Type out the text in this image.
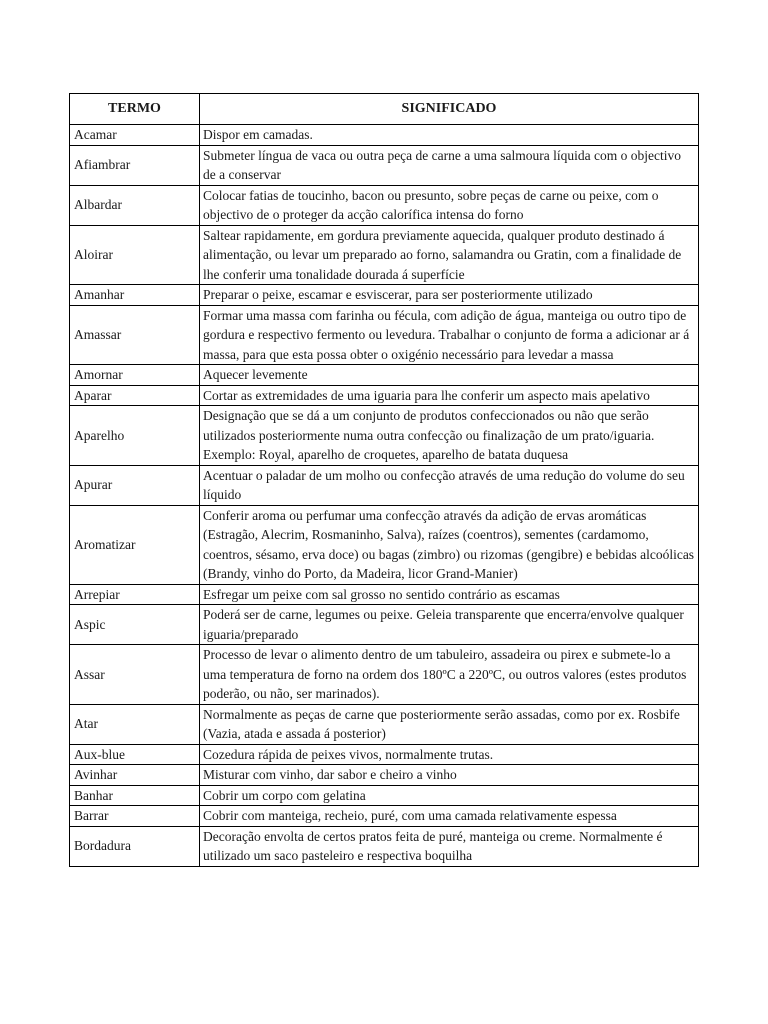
TERMO	SIGNIFICADO
Acamar	Dispor em camadas.
Afiambrar	Submeter língua de vaca ou outra peça de carne a uma salmoura líquida com o objectivo de a conservar
Albardar	Colocar fatias de toucinho, bacon ou presunto, sobre peças de carne ou peixe, com o objectivo de o proteger da acção calorífica intensa do forno
Aloirar	Saltear rapidamente, em gordura previamente aquecida, qualquer produto destinado á alimentação, ou levar um preparado ao forno, salamandra ou Gratin, com a finalidade de lhe conferir uma tonalidade dourada á superfície
Amanhar	Preparar o peixe, escamar e esviscerar, para ser posteriormente utilizado
Amassar	Formar uma massa com farinha ou fécula, com adição de água, manteiga ou outro tipo de gordura e respectivo fermento ou levedura. Trabalhar o conjunto de forma a adicionar ar á massa, para que esta possa obter o oxigénio necessário para levedar a massa
Amornar	Aquecer levemente
Aparar	Cortar as extremidades de uma iguaria para lhe conferir um aspecto mais apelativo
Aparelho	Designação que se dá a um conjunto de produtos confeccionados ou não que serão utilizados posteriormente numa outra confecção ou finalização de um prato/iguaria. Exemplo: Royal, aparelho de croquetes, aparelho de batata duquesa
Apurar	Acentuar o paladar de um molho ou confecção através de uma redução do volume do seu líquido
Aromatizar	Conferir aroma ou perfumar uma confecção através da adição de ervas aromáticas (Estragão, Alecrim, Rosmaninho, Salva), raízes (coentros), sementes (cardamomo, coentros, sésamo, erva doce) ou bagas (zimbro) ou rizomas (gengibre) e bebidas alcoólicas (Brandy, vinho do Porto, da Madeira, licor Grand-Manier)
Arrepiar	Esfregar um peixe com sal grosso no sentido contrário as escamas
Aspic	Poderá ser de carne, legumes ou peixe. Geleia transparente que encerra/envolve qualquer iguaria/preparado
Assar	Processo de levar o alimento dentro de um tabuleiro, assadeira ou pirex e submete-lo a uma temperatura de forno na ordem dos 180ºC a 220ºC, ou outros valores (estes produtos poderão, ou não, ser marinados).
Atar	Normalmente as peças de carne que posteriormente serão assadas, como por ex. Rosbife (Vazia, atada e assada á posterior)
Aux-blue	Cozedura rápida de peixes vivos, normalmente trutas.
Avinhar	Misturar com vinho, dar sabor e cheiro a vinho
Banhar	Cobrir um corpo com gelatina
Barrar	Cobrir com manteiga, recheio, puré, com uma camada relativamente espessa
Bordadura	Decoração envolta de certos pratos feita de puré, manteiga ou creme. Normalmente é utilizado um saco pasteleiro e respectiva boquilha
